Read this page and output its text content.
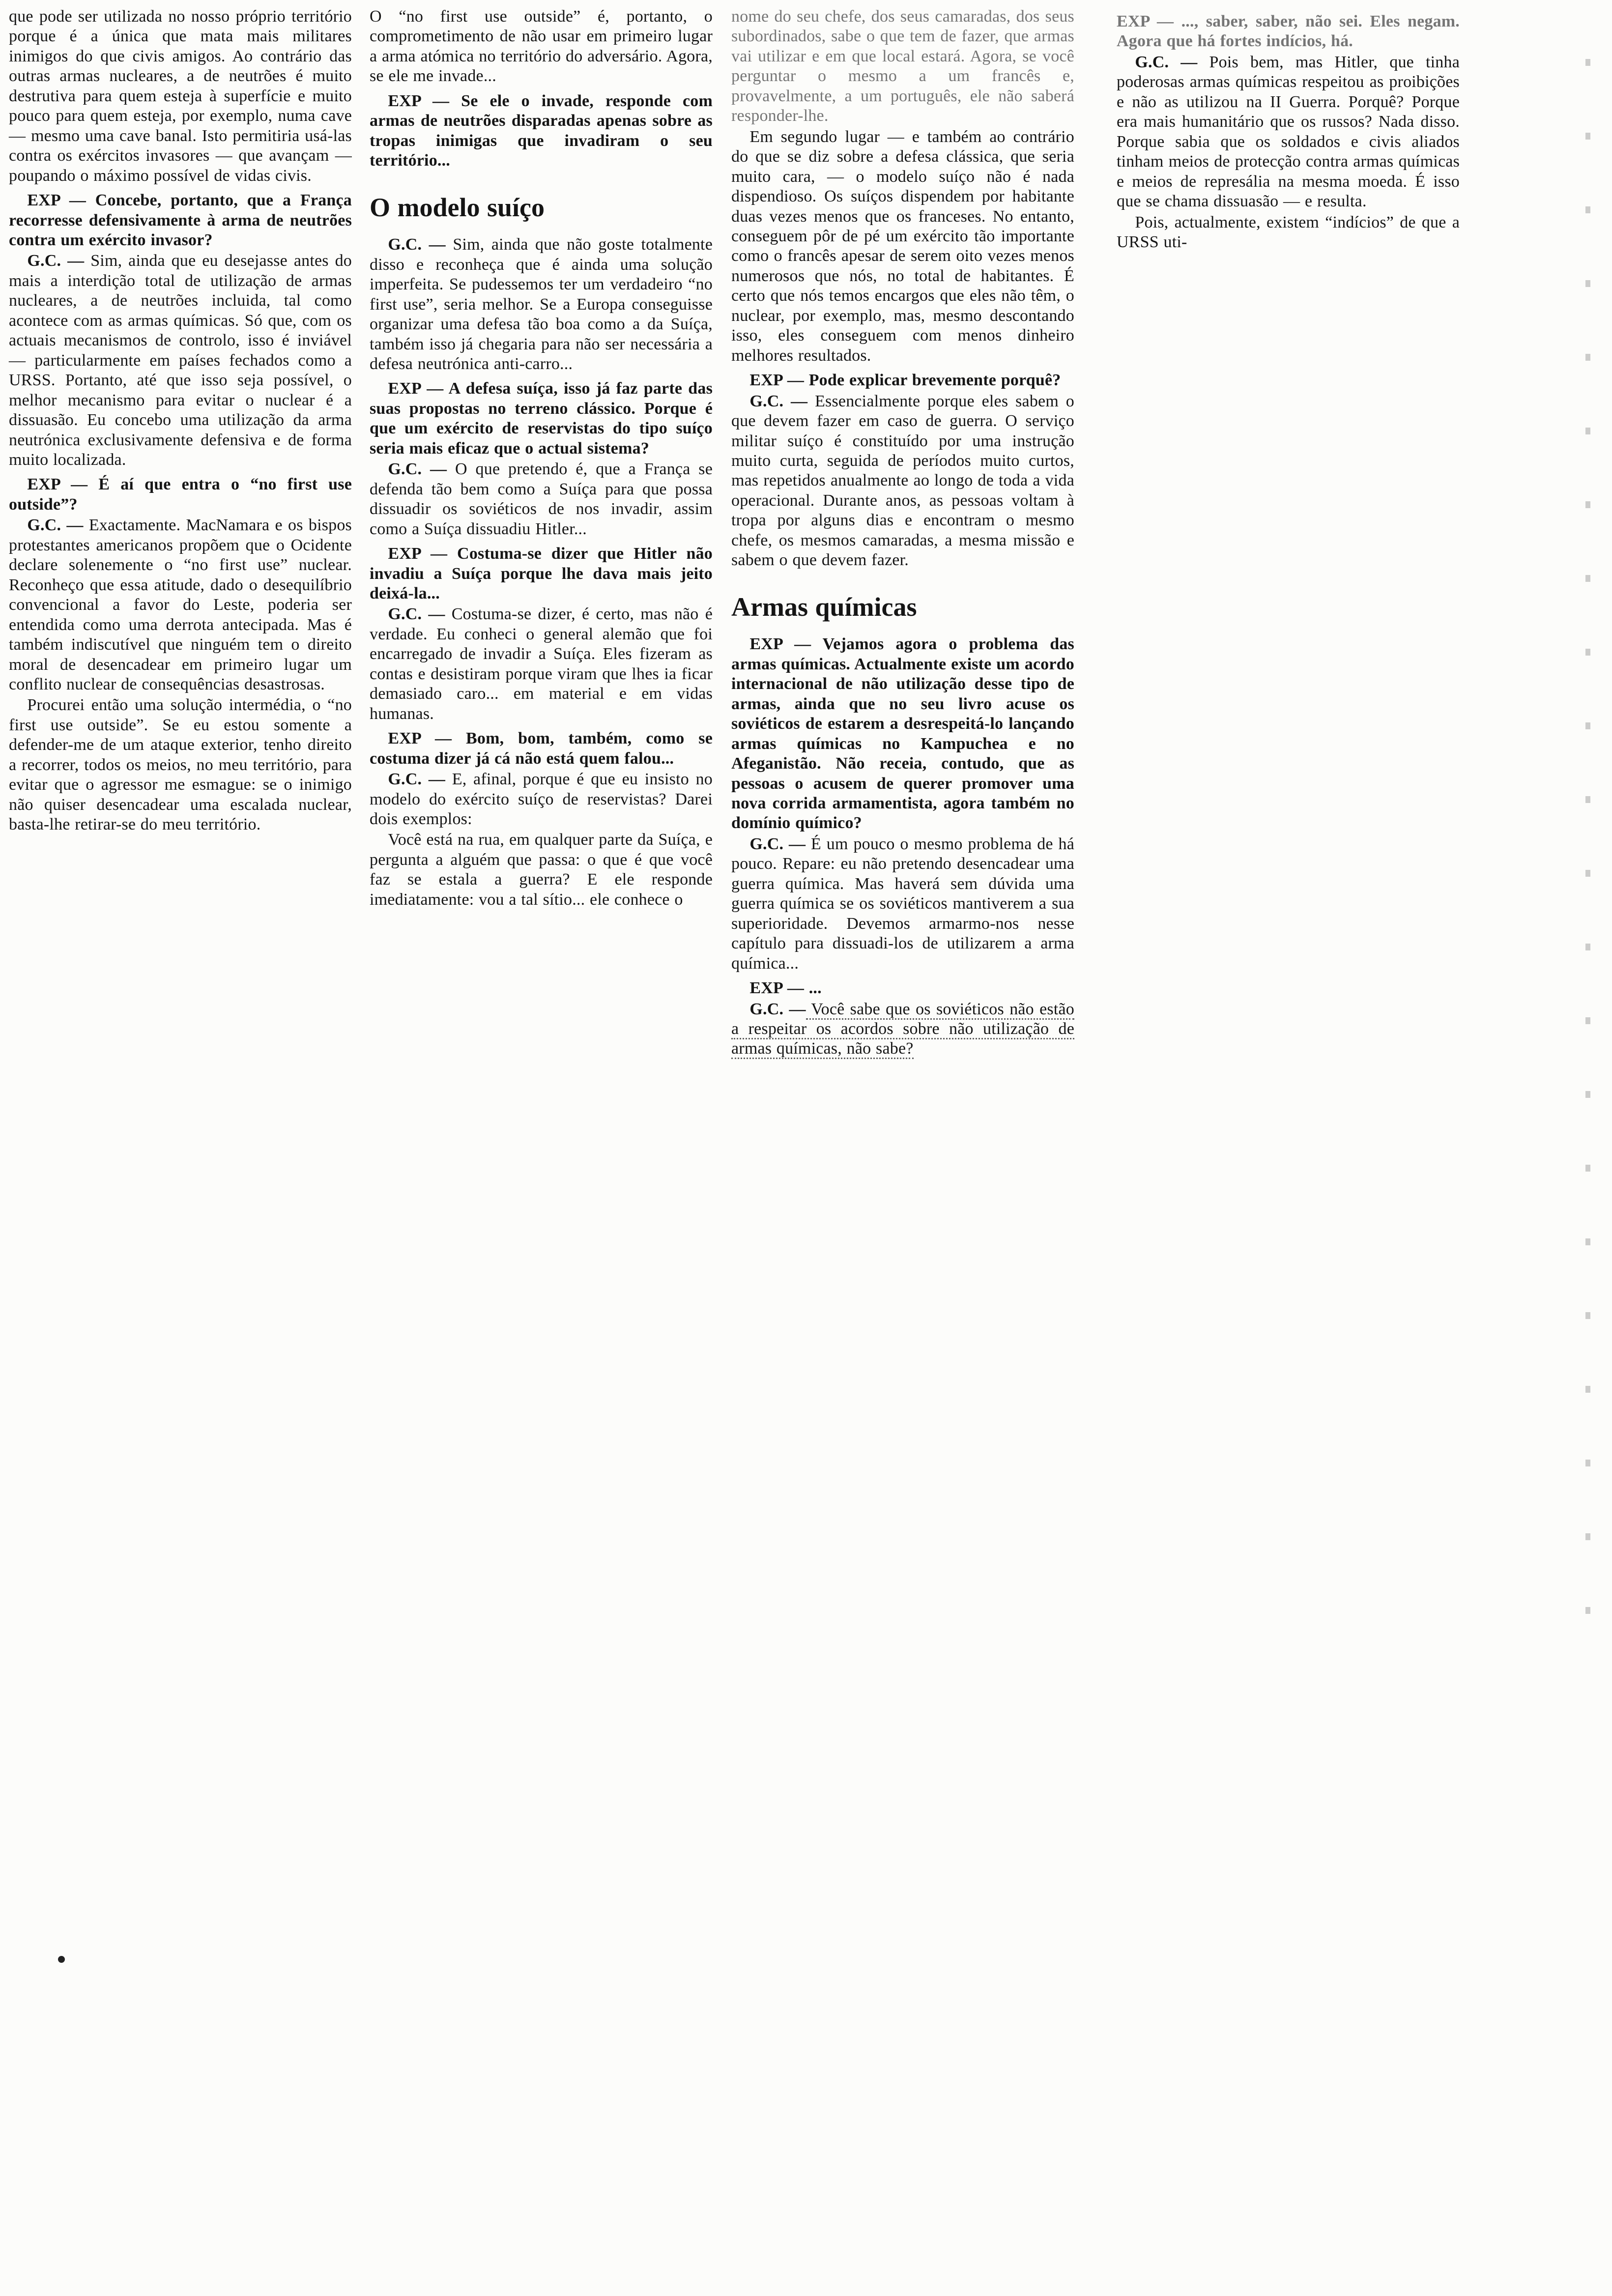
que pode ser utilizada no nosso próprio território porque é a única que mata mais militares inimigos do que civis amigos. Ao contrário das outras armas nucleares, a de neutrões é muito destrutiva para quem esteja à superfície e muito pouco para quem esteja, por exemplo, numa cave — mesmo uma cave banal. Isto permitiria usá-las contra os exércitos invasores — que avançam — poupando o máximo possível de vidas civis.

EXP — Concebe, portanto, que a França recorresse defensivamente à arma de neutrões contra um exército invasor?

G.C. — Sim, ainda que eu desejasse antes do mais a interdição total de utilização de armas nucleares, a de neutrões incluida, tal como acontece com as armas químicas. Só que, com os actuais mecanismos de controlo, isso é inviável — particularmente em países fechados como a URSS. Portanto, até que isso seja possível, o melhor mecanismo para evitar o nuclear é a dissuasão. Eu concebo uma utilização da arma neutrónica exclusivamente defensiva e de forma muito localizada.

EXP — É aí que entra o “no first use outside”?

G.C. — Exactamente. MacNamara e os bispos protestantes americanos propõem que o Ocidente declare solenemente o “no first use” nuclear. Reconheço que essa atitude, dado o desequilíbrio convencional a favor do Leste, poderia ser entendida como uma derrota antecipada. Mas é também indiscutível que ninguém tem o direito moral de desencadear em primeiro lugar um conflito nuclear de consequências desastrosas.

Procurei então uma solução intermédia, o “no first use outside”. Se eu estou somente a defender-me de um ataque exterior, tenho direito a recorrer, todos os meios, no meu território, para evitar que o agressor me esmague: se o inimigo não quiser desencadear uma escalada nuclear, basta-lhe retirar-se do meu território.

O “no first use outside” é, portanto, o comprometimento de não usar em primeiro lugar a arma atómica no território do adversário. Agora, se ele me invade...

EXP — Se ele o invade, responde com armas de neutrões disparadas apenas sobre as tropas inimigas que invadiram o seu território...

O modelo suíço

G.C. — Sim, ainda que não goste totalmente disso e reconheça que é ainda uma solução imperfeita. Se pudessemos ter um verdadeiro “no first use”, seria melhor. Se a Europa conseguisse organizar uma defesa tão boa como a da Suíça, também isso já chegaria para não ser necessária a defesa neutrónica anti-carro...

EXP — A defesa suíça, isso já faz parte das suas propostas no terreno clássico. Porque é que um exército de reservistas do tipo suíço seria mais eficaz que o actual sistema?

G.C. — O que pretendo é, que a França se defenda tão bem como a Suíça para que possa dissuadir os soviéticos de nos invadir, assim como a Suíça dissuadiu Hitler...

EXP — Costuma-se dizer que Hitler não invadiu a Suíça porque lhe dava mais jeito deixá-la...

G.C. — Costuma-se dizer, é certo, mas não é verdade. Eu conheci o general alemão que foi encarregado de invadir a Suíça. Eles fizeram as contas e desistiram porque viram que lhes ia ficar demasiado caro... em material e em vidas humanas.

EXP — Bom, bom, também, como se costuma dizer já cá não está quem falou...

G.C. — E, afinal, porque é que eu insisto no modelo do exército suíço de reservistas? Darei dois exemplos:

Você está na rua, em qualquer parte da Suíça, e pergunta a alguém que passa: o que é que você faz se estala a guerra? E ele responde imediatamente: vou a tal sítio... ele conhece o

nome do seu chefe, dos seus camaradas, dos seus subordinados, sabe o que tem de fazer, que armas vai utilizar e em que local estará. Agora, se você perguntar o mesmo a um francês e, provavelmente, a um português, ele não saberá responder-lhe.

Em segundo lugar — e também ao contrário do que se diz sobre a defesa clássica, que seria muito cara, — o modelo suíço não é nada dispendioso. Os suíços dispendem por habitante duas vezes menos que os franceses. No entanto, conseguem pôr de pé um exército tão importante como o francês apesar de serem oito vezes menos numerosos que nós, no total de habitantes. É certo que nós temos encargos que eles não têm, o nuclear, por exemplo, mas, mesmo descontando isso, eles conseguem com menos dinheiro melhores resultados.

EXP — Pode explicar brevemente porquê?

G.C. — Essencialmente porque eles sabem o que devem fazer em caso de guerra. O serviço militar suíço é constituído por uma instrução muito curta, seguida de períodos muito curtos, mas repetidos anualmente ao longo de toda a vida operacional. Durante anos, as pessoas voltam à tropa por alguns dias e encontram o mesmo chefe, os mesmos camaradas, a mesma missão e sabem o que devem fazer.

Armas químicas

EXP — Vejamos agora o problema das armas químicas. Actualmente existe um acordo internacional de não utilização desse tipo de armas, ainda que no seu livro acuse os soviéticos de estarem a desrespeitá-lo lançando armas químicas no Kampuchea e no Afeganistão. Não receia, contudo, que as pessoas o acusem de querer promover uma nova corrida armamentista, agora também no domínio químico?

G.C. — É um pouco o mesmo problema de há pouco. Repare: eu não pretendo desencadear uma guerra química. Mas haverá sem dúvida uma guerra química se os soviéticos mantiverem a sua superioridade. Devemos armarmo-nos nesse capítulo para dissuadi-los de utilizarem a arma química...

EXP — ...

G.C. — Você sabe que os soviéticos não estão a respeitar os acordos sobre não utilização de armas químicas, não sabe?

EXP — ..., saber, saber, não sei. Eles negam. Agora que há fortes indícios, há.

G.C. — Pois bem, mas Hitler, que tinha poderosas armas químicas respeitou as proibições e não as utilizou na II Guerra. Porquê? Porque era mais humanitário que os russos? Nada disso. Porque sabia que os soldados e civis aliados tinham meios de protecção contra armas químicas e meios de represália na mesma moeda. É isso que se chama dissuasão — e resulta.

Pois, actualmente, existem “indícios” de que a URSS uti-
